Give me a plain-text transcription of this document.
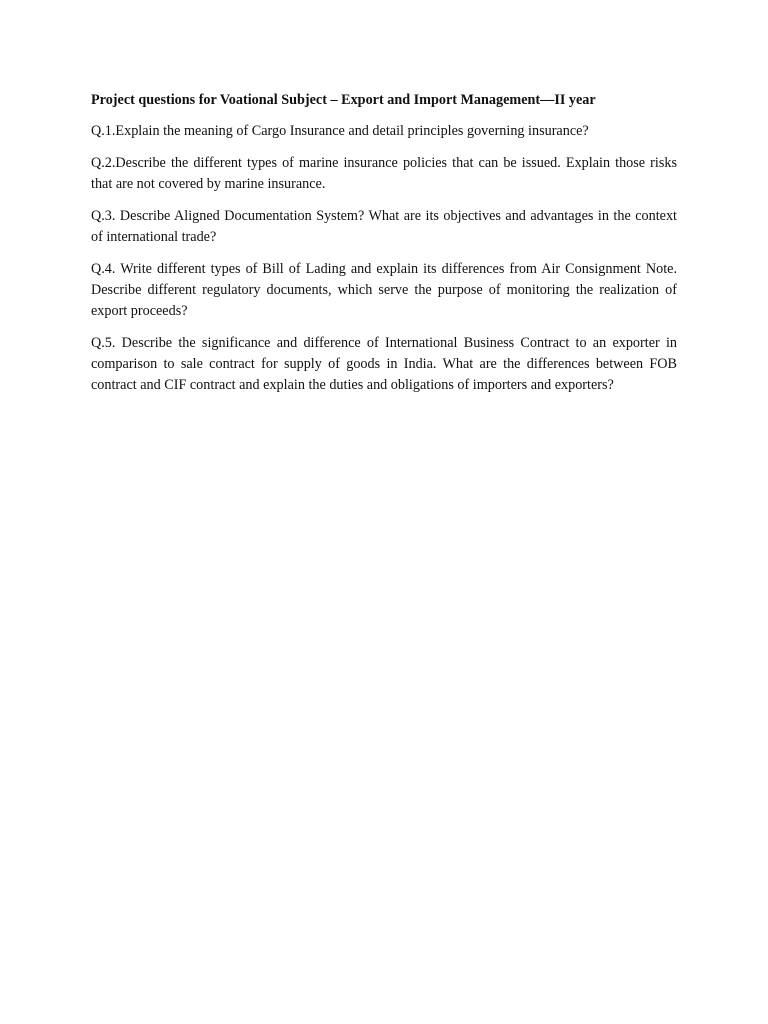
Project questions for Voational Subject – Export and Import Management—II year

Q.1.Explain the meaning of Cargo Insurance and detail principles governing insurance?

Q.2.Describe the different types of marine insurance policies that can be issued. Explain those risks that are not covered by marine insurance.

Q.3. Describe Aligned Documentation System? What are its objectives and advantages in the context of international trade?

Q.4. Write different types of Bill of Lading and explain its differences from Air Consignment Note. Describe different regulatory documents, which serve the purpose of monitoring the realization of export proceeds?

Q.5. Describe the significance and difference of International Business Contract to an exporter in comparison to sale contract for supply of goods in India. What are the differences between FOB contract and CIF contract and explain the duties and obligations of importers and exporters?
